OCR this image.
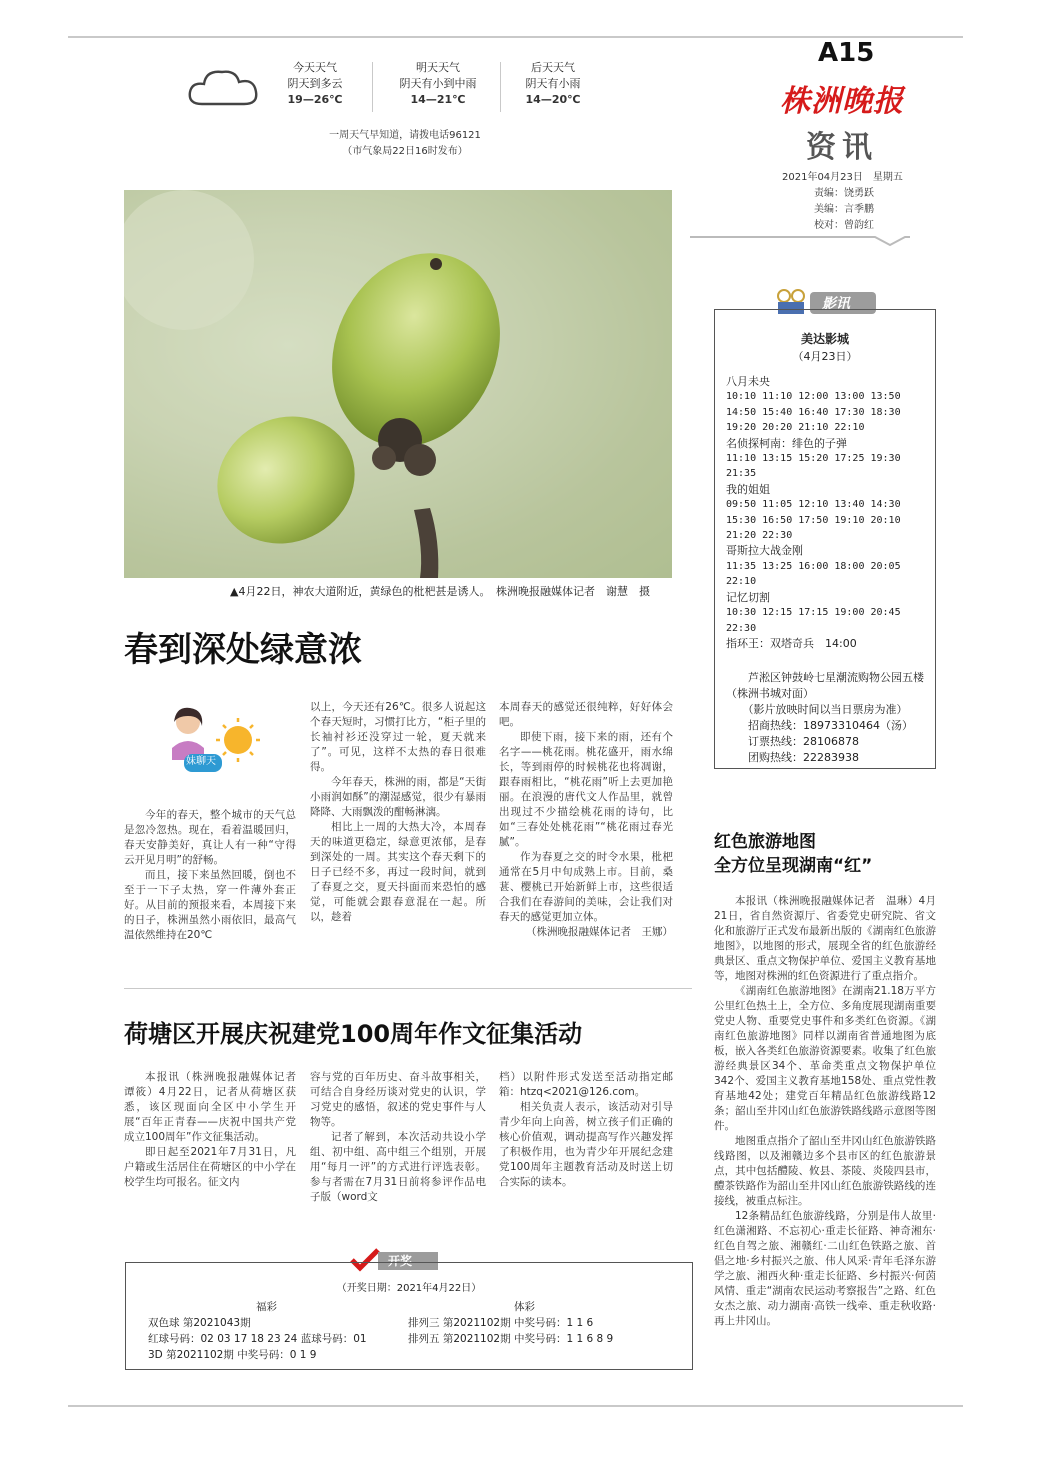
今天天气
阴天到多云
19—26℃
明天天气
阴天有小到中雨
14—21℃
后天天气
阴天有小雨
14—20℃
一周天气早知道，请拨电话96121
（市气象局22日16时发布）
A15
株洲晚报
资讯
2021年04月23日　星期五
责编：饶勇跃
美编：言季鹏
校对：曾韵红
▲4月22日，神农大道附近，黄绿色的枇杷甚是诱人。　株洲晚报融媒体记者　谢慧　摄
春到深处绿意浓
妹聊天

今年的春天，整个城市的天气总是忽冷忽热。现在，看着温暖回归，春天安静美好，真让人有一种“守得云开见月明”的舒畅。

而且，接下来虽然回暖，倒也不至于一下子太热，穿一件薄外套正好。从目前的预报来看，本周接下来的日子，株洲虽然小雨依旧，最高气温依然维持在20℃

以上，今天还有26℃。很多人说起这个春天短时，习惯打比方，“柜子里的长袖衬衫还没穿过一轮，夏天就来了”。可见，这样不太热的春日很难得。

今年春天，株洲的雨，都是“天街小雨润如酥”的潮湿感觉，很少有暴雨降降、大雨飘泼的酣畅淋漓。

相比上一周的大热大冷，本周春天的味道更稳定，绿意更浓郁，是春到深处的一周。其实这个春天剩下的日子已经不多，再过一段时间，就到了春夏之交，夏天抖面而来恐怕的感觉，可能就会跟春意混在一起。所以，趁着

本周春天的感觉还很纯粹，好好体会吧。

即使下雨，接下来的雨，还有个名字——桃花雨。桃花盛开，雨水绵长，等到雨停的时候桃花也将凋谢，跟春雨相比，“桃花雨”听上去更加艳丽。在浪漫的唐代文人作品里，就曾出现过不少描绘桃花雨的诗句，比如“三春处处桃花雨”“桃花雨过春光腻”。

作为春夏之交的时令水果，枇杷通常在5月中旬成熟上市。目前，桑葚、樱桃已开始新鲜上市，这些很适合我们在春游间的美味，会让我们对春天的感觉更加立体。

（株洲晚报融媒体记者　王娜）

荷塘区开展庆祝建党100周年作文征集活动

本报讯（株洲晚报融媒体记者　谭筱）4月22日，记者从荷塘区获悉，该区现面向全区中小学生开展“百年正青春——庆祝中国共产党成立100周年”作文征集活动。

即日起至2021年7月31日，凡户籍或生活居住在荷塘区的中小学在校学生均可报名。征文内

容与党的百年历史、奋斗故事相关，可结合自身经历谈对党史的认识，学习党史的感悟，叙述的党史事件与人物等。

记者了解到，本次活动共设小学组、初中组、高中组三个组别，开展用“每月一评”的方式进行评选表彰。参与者需在7月31日前将参评作品电子版（word文

档）以附件形式发送至活动指定邮箱：htzq<2021@126.com。

相关负责人表示，该活动对引导青少年向上向善，树立孩子们正确的核心价值观，调动提高写作兴趣发挥了积极作用，也为青少年开展纪念建党100周年主题教育活动及时送上切合实际的读本。

开奖
（开奖日期：2021年4月22日）
福彩	体彩
双色球 第2021043期
红球号码：02 03 17 18 23 24 蓝球号码：01
3D 第2021102期 中奖号码：0 1 9
排列三 第2021102期 中奖号码：1 1 6
排列五 第2021102期 中奖号码：1 1 6 8 9
影讯
美达影城
（4月23日）
八月未央
10:10 11:10 12:00 13:00 13:50
14:50 15:40 16:40 17:30 18:30
19:20 20:20 21:10 22:10
名侦探柯南：绯色的子弹
11:10 13:15 15:20 17:25 19:30
21:35
我的姐姐
09:50 11:05 12:10 13:40 14:30
15:30 16:50 17:50 19:10 20:10
21:20 22:30
哥斯拉大战金刚
11:35 13:25 16:00 18:00 20:05
22:10
记忆切割
10:30 12:15 17:15 19:00 20:45
22:30
指环王：双塔奇兵　14:00
芦淞区钟鼓岭七星潮流购物公园五楼（株洲书城对面）
（影片放映时间以当日票房为准）
招商热线：18973310464（汤）
订票热线：28106878
团购热线：22283938
红色旅游地图
全方位呈现湖南“红”

本报讯（株洲晚报融媒体记者　温琳）4月21日，省自然资源厅、省委党史研究院、省文化和旅游厅正式发布最新出版的《湖南红色旅游地图》，以地图的形式，展现全省的红色旅游经典景区、重点文物保护单位、爱国主义教育基地等，地图对株洲的红色资源进行了重点指介。

《湖南红色旅游地图》在湖南21.18万平方公里红色热土上，全方位、多角度展现湖南重要党史人物、重要党史事件和多类红色资源。《湖南红色旅游地图》同样以湖南省普通地图为底板，嵌入各类红色旅游资源要素。收集了红色旅游经典景区34个、革命类重点文物保护单位342个、爱国主义教育基地158处、重点党性教育基地42处；建党百年精品红色旅游线路12条；韶山至井冈山红色旅游铁路线路示意图等图件。

地图重点指介了韶山至井冈山红色旅游铁路线路图，以及湘赣边多个县市区的红色旅游景点，其中包括醴陵、攸县、茶陵、炎陵四县市，醴茶铁路作为韶山至井冈山红色旅游铁路线的连接线，被重点标注。

12条精品红色旅游线路，分别是伟人故里·红色潇湘路、不忘初心·重走长征路、神奇湘东·红色自驾之旅、湘赣红·二山红色铁路之旅、首倡之地·乡村振兴之旅、伟人风采·青年毛泽东游学之旅、湘西火种·重走长征路、乡村振兴·何茵风情、重走“湖南农民运动考察报告”之路、红色女杰之旅、动力湖南·高铁一线牵、重走秋收路·再上井冈山。
